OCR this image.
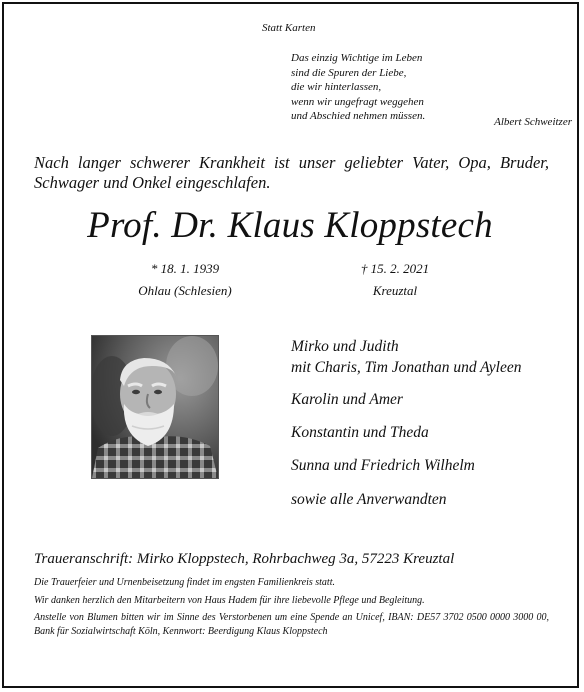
Statt Karten
Das einzig Wichtige im Leben
sind die Spuren der Liebe,
die wir hinterlassen,
wenn wir ungefragt weggehen
und Abschied nehmen müssen.	Albert Schweitzer

Nach langer schwerer Krankheit ist unser geliebter Vater, Opa, Bruder, Schwager und Onkel eingeschlafen.

Prof. Dr. Klaus Kloppstech
* 18. 1. 1939
Ohlau (Schlesien)
† 15. 2. 2021
Kreuztal
Mirko und Judith
mit Charis, Tim Jonathan und Ayleen
Karolin und Amer
Konstantin und Theda
Sunna und Friedrich Wilhelm
sowie alle Anverwandten
Traueranschrift: Mirko Kloppstech, Rohrbachweg 3a, 57223 Kreuztal

Die Trauerfeier und Urnenbeisetzung findet im engsten Familienkreis statt.

Wir danken herzlich den Mitarbeitern von Haus Hadem für ihre liebevolle Pflege und Begleitung.

Anstelle von Blumen bitten wir im Sinne des Verstorbenen um eine Spende an Unicef, IBAN: DE57 3702 0500 0000 3000 00, Bank für Sozialwirtschaft Köln, Kennwort: Beerdigung Klaus Kloppstech
